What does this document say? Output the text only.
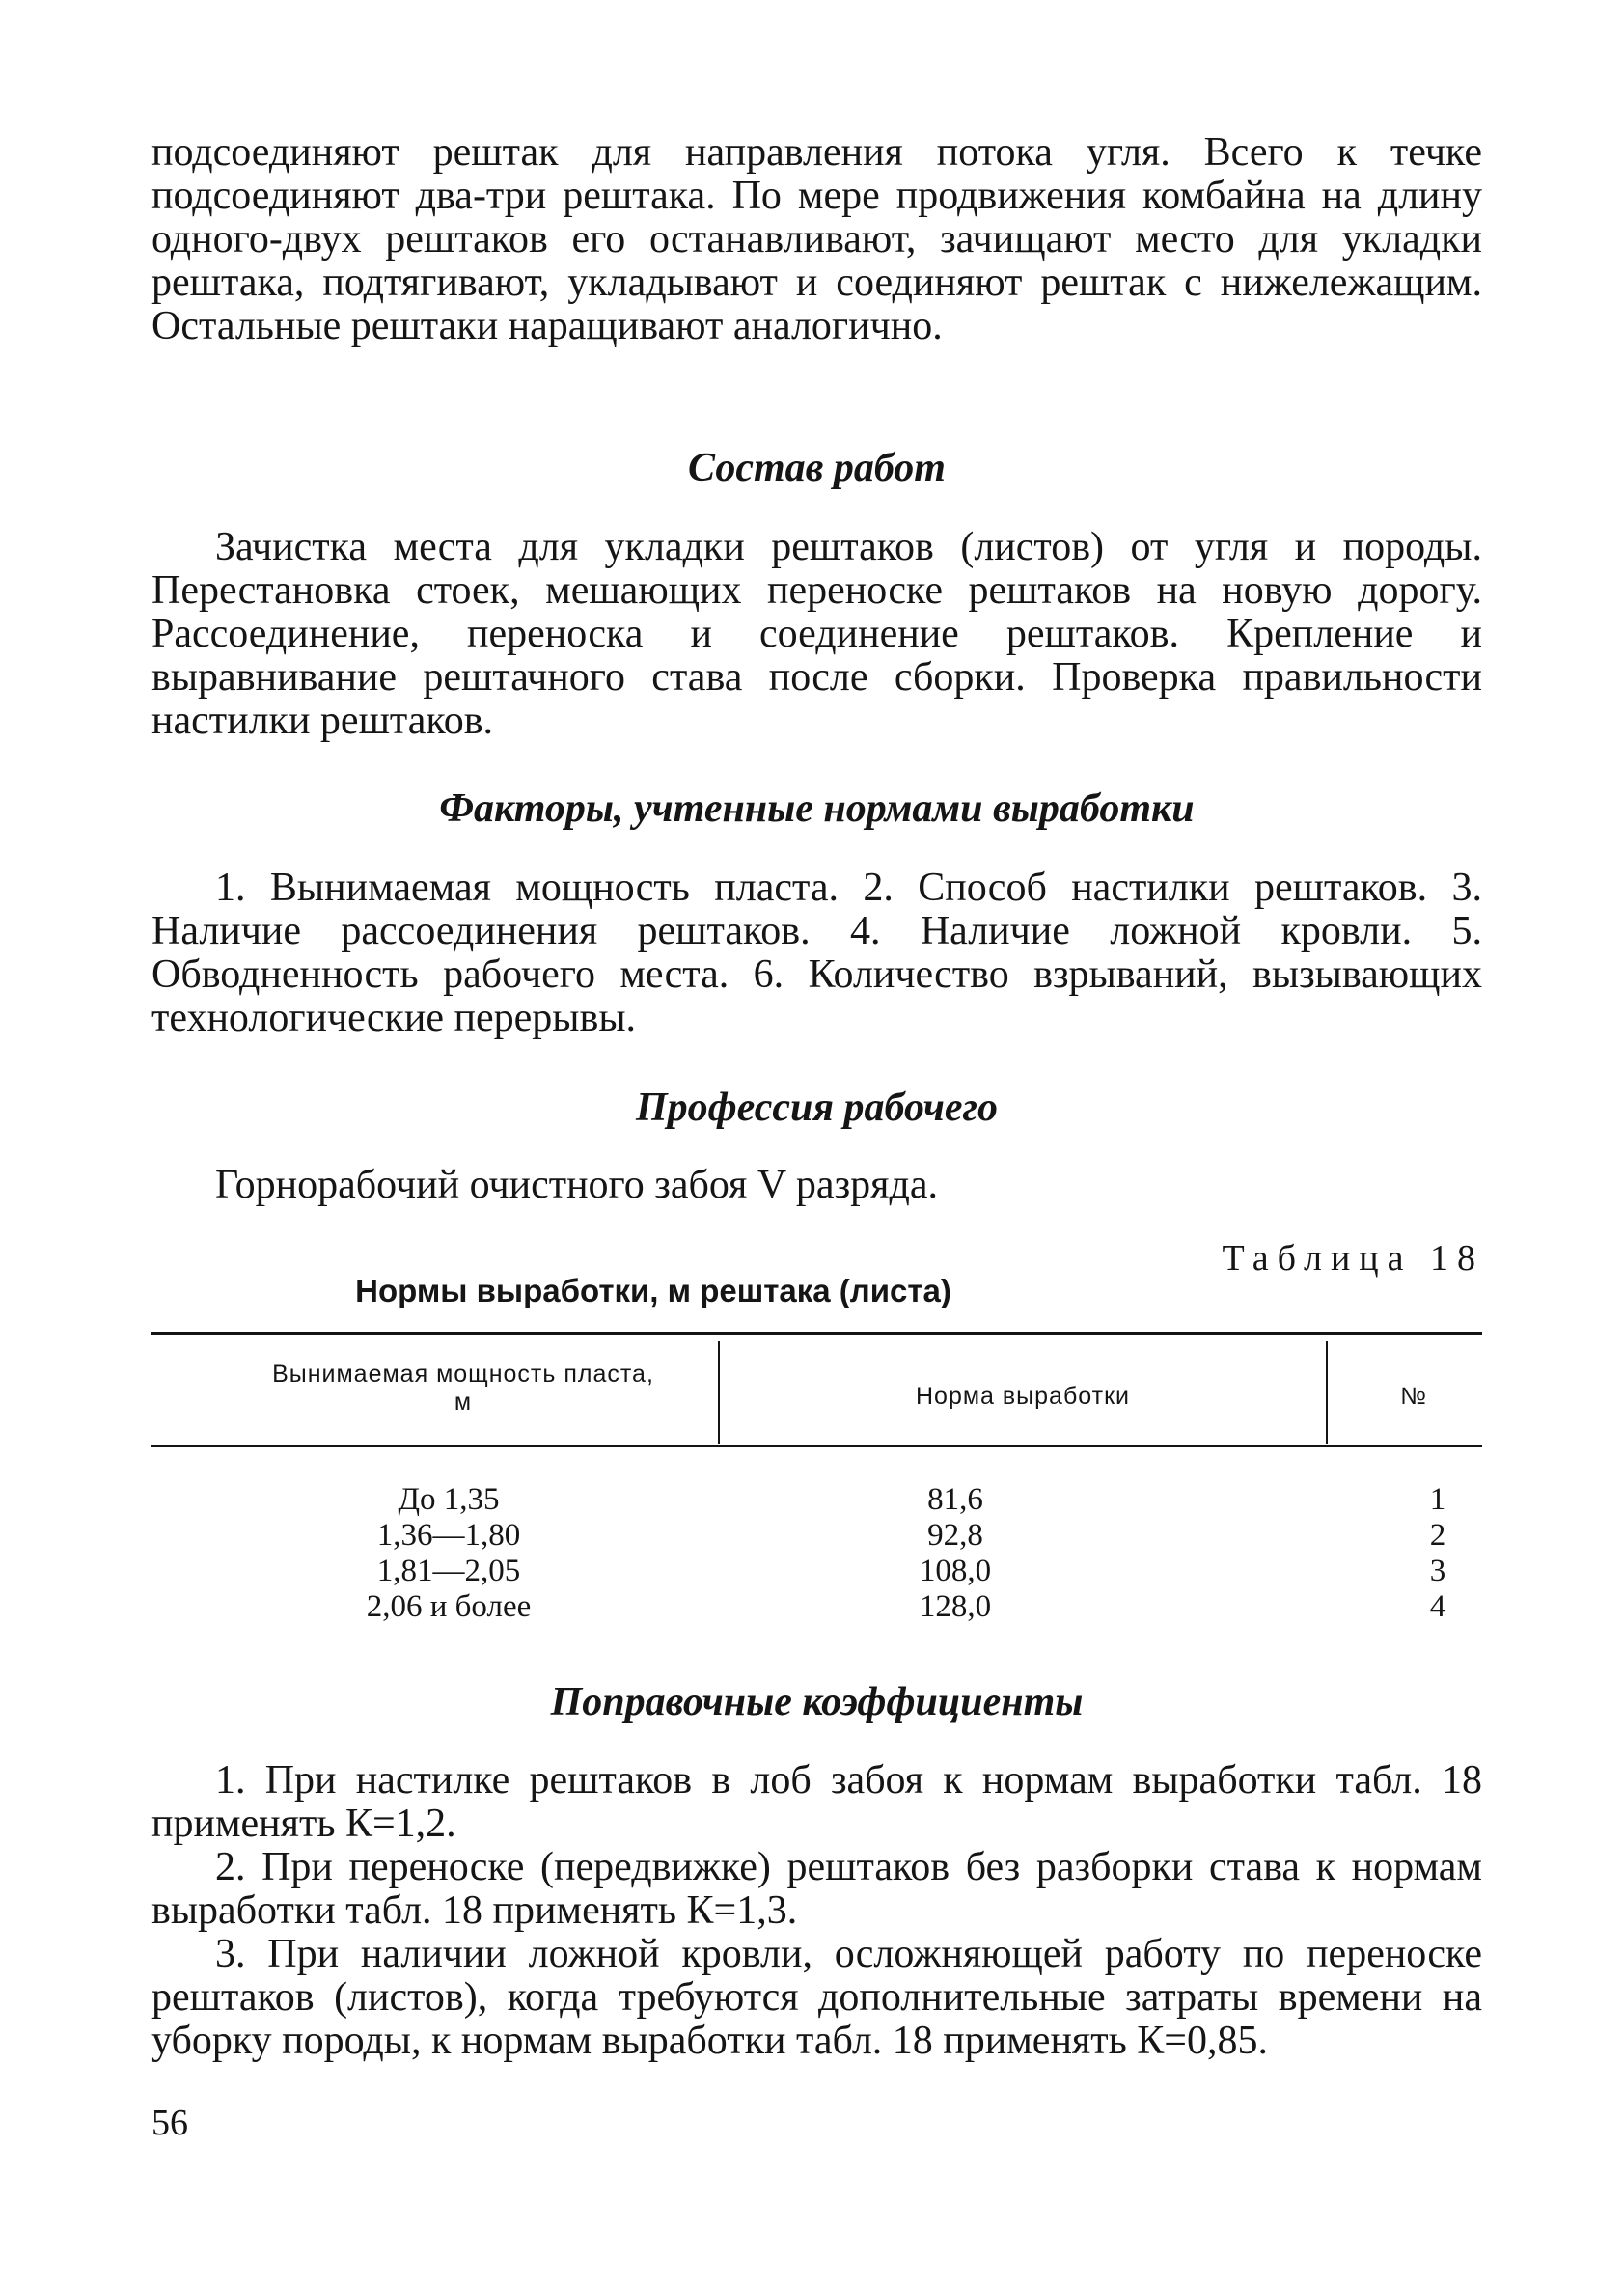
подсоединяют рештак для направления потока угля. Всего к течке подсоединяют два-три рештака. По мере продвижения комбайна на длину одного-двух рештаков его останавливают, зачищают место для укладки рештака, подтягивают, укладывают и соединяют рештак с нижележащим. Остальные рештаки наращивают аналогично.

Состав работ

Зачистка места для укладки рештаков (листов) от угля и породы. Перестановка стоек, мешающих переноске рештаков на новую дорогу. Рассоединение, переноска и соединение рештаков. Крепление и выравнивание рештачного става после сборки. Проверка правильности настилки рештаков.

Факторы, учтенные нормами выработки

1. Вынимаемая мощность пласта. 2. Способ настилки рештаков. 3. Наличие рассоединения рештаков. 4. Наличие ложной кровли. 5. Обводненность рабочего места. 6. Количество взрываний, вызывающих технологические перерывы.

Профессия рабочего

Горнорабочий очистного забоя V разряда.

Таблица 18
Нормы выработки, м рештака (листа)
Вынимаемая мощность пласта, м	Норма выработки	№
До 1,35	81,6	1
1,36—1,80	92,8	2
1,81—2,05	108,0	3
2,06 и более	128,0	4
Поправочные коэффициенты

1. При настилке рештаков в лоб забоя к нормам выработки табл. 18 применять К=1,2.

2. При переноске (передвижке) рештаков без разборки става к нормам выработки табл. 18 применять К=1,3.

3. При наличии ложной кровли, осложняющей работу по переноске рештаков (листов), когда требуются дополнительные затраты времени на уборку породы, к нормам выработки табл. 18 применять К=0,85.

56
